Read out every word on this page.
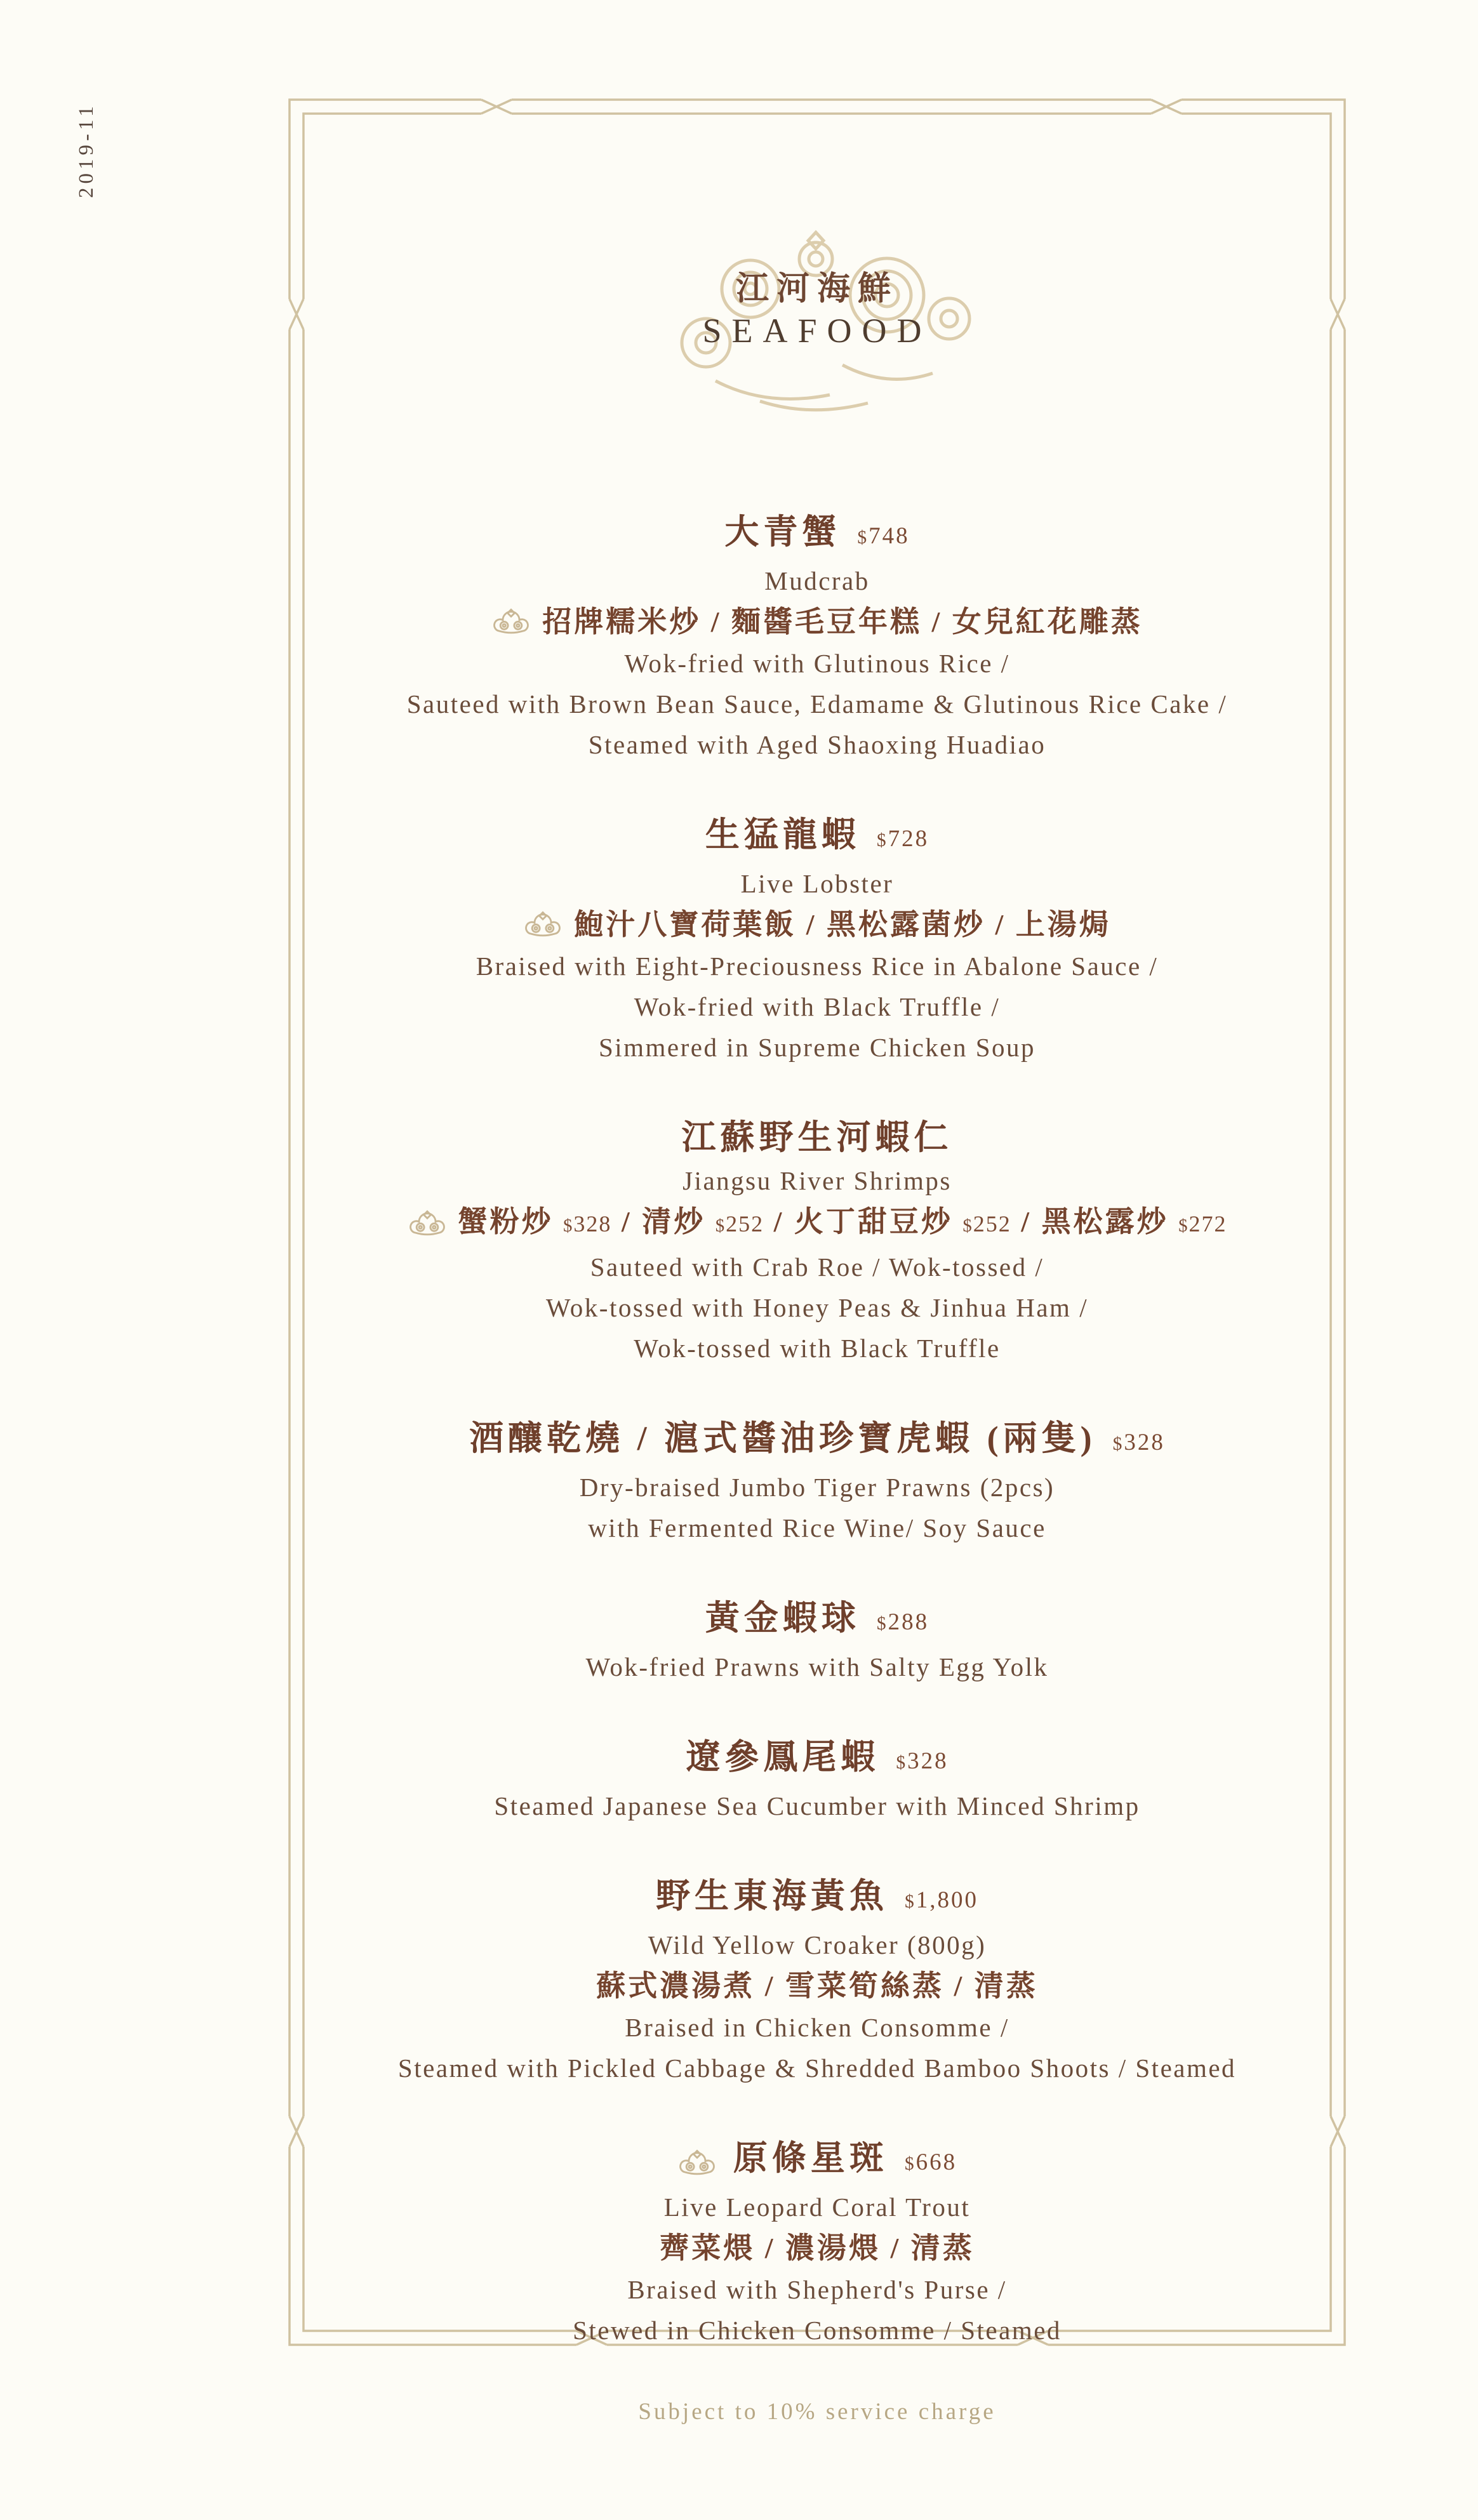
2019-11
江河海鮮
SEAFOOD
大青蟹 $748
Mudcrab
招牌糯米炒 / 麵醬毛豆年糕 / 女兒紅花雕蒸
Wok-fried with Glutinous Rice /
Sauteed with Brown Bean Sauce, Edamame & Glutinous Rice Cake /
Steamed with Aged Shaoxing Huadiao
生猛龍蝦 $728
Live Lobster
鮑汁八寶荷葉飯 / 黑松露菌炒 / 上湯焗
Braised with Eight-Preciousness Rice in Abalone Sauce /
Wok-fried with Black Truffle /
Simmered in Supreme Chicken Soup
江蘇野生河蝦仁
Jiangsu River Shrimps
蟹粉炒 $328 / 清炒 $252 / 火丁甜豆炒 $252 / 黑松露炒 $272
Sauteed with Crab Roe / Wok-tossed /
Wok-tossed with Honey Peas & Jinhua Ham /
Wok-tossed with Black Truffle
酒釀乾燒 / 滬式醬油珍寶虎蝦 (兩隻) $328
Dry-braised Jumbo Tiger Prawns (2pcs)
with Fermented Rice Wine/ Soy Sauce
黃金蝦球 $288
Wok-fried Prawns with Salty Egg Yolk
遼參鳳尾蝦 $328
Steamed Japanese Sea Cucumber with Minced Shrimp
野生東海黃魚 $1,800
Wild Yellow Croaker (800g)
蘇式濃湯煮 / 雪菜筍絲蒸 / 清蒸
Braised in Chicken Consomme /
Steamed with Pickled Cabbage & Shredded Bamboo Shoots / Steamed
原條星斑 $668
Live Leopard Coral Trout
薺菜煨 / 濃湯煨 / 清蒸
Braised with Shepherd's Purse /
Stewed in Chicken Consomme / Steamed
Subject to 10% service charge
